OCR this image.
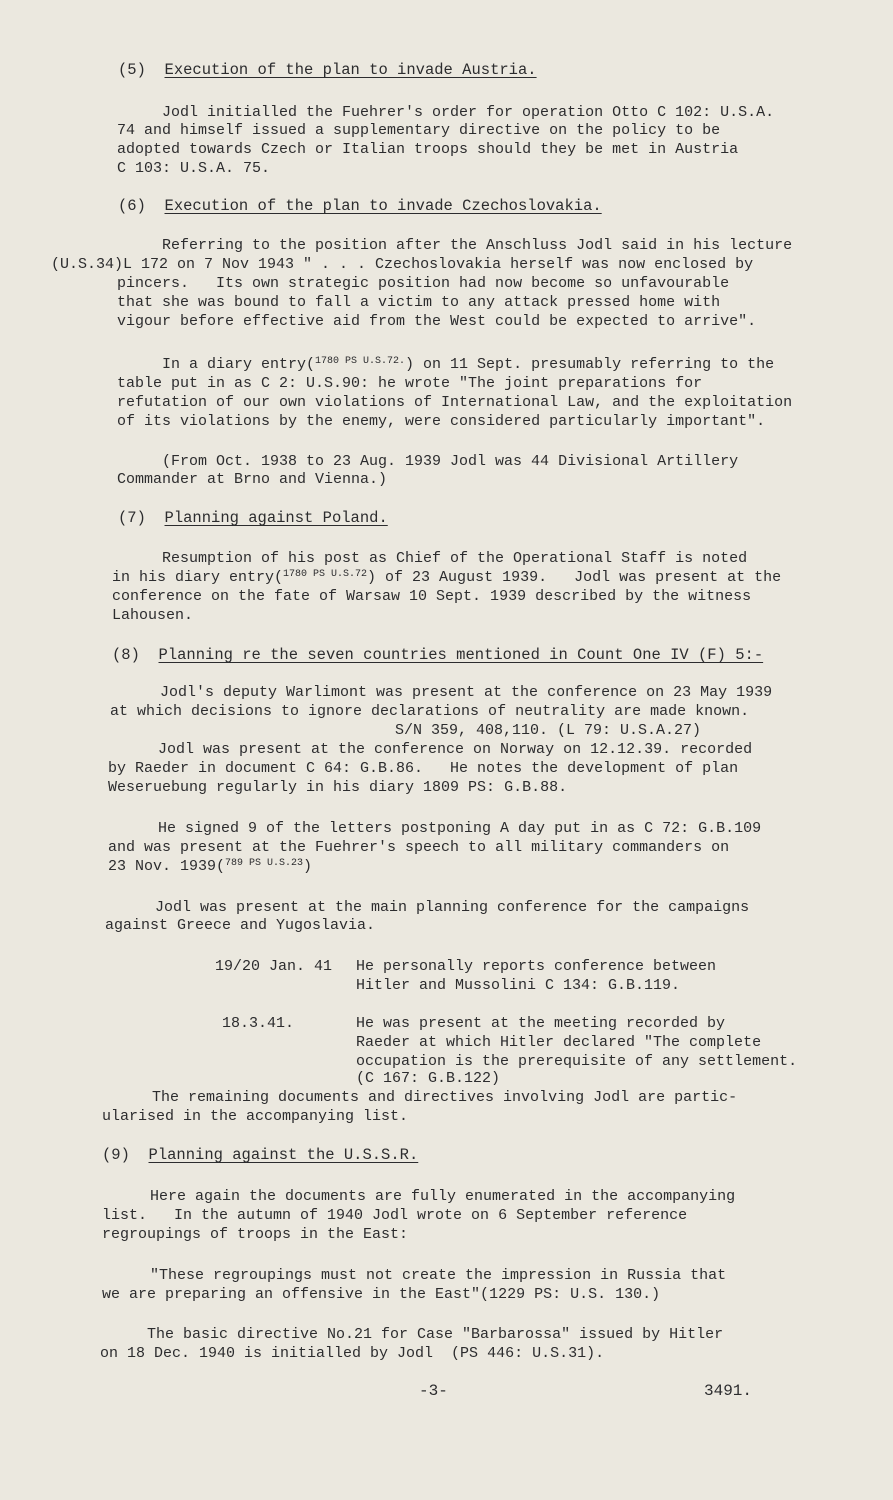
(5) Execution of the plan to invade Austria.
Jodl initialled the Fuehrer's order for operation Otto C 102: U.S.A.
74 and himself issued a supplementary directive on the policy to be
adopted towards Czech or Italian troops should they be met in Austria
C 103: U.S.A. 75.
(6) Execution of the plan to invade Czechoslovakia.
Referring to the position after the Anschluss Jodl said in his lecture
(U.S.34)L 172 on 7 Nov 1943 " . . . Czechoslovakia herself was now enclosed by
pincers.   Its own strategic position had now become so unfavourable
that she was bound to fall a victim to any attack pressed home with
vigour before effective aid from the West could be expected to arrive".
In a diary entry($^{1780 PS U.S.72.}$) on 11 Sept. presumably referring to the
table put in as C 2: U.S.90: he wrote "The joint preparations for
refutation of our own violations of International Law, and the exploitation
of its violations by the enemy, were considered particularly important".
(From Oct. 1938 to 23 Aug. 1939 Jodl was 44 Divisional Artillery
Commander at Brno and Vienna.)
(7) Planning against Poland.
Resumption of his post as Chief of the Operational Staff is noted
in his diary entry($^{1780 PS U.S.72}$) of 23 August 1939.   Jodl was present at the
conference on the fate of Warsaw 10 Sept. 1939 described by the witness
Lahousen.
(8) Planning re the seven countries mentioned in Count One IV (F) 5:-
Jodl's deputy Warlimont was present at the conference on 23 May 1939
at which decisions to ignore declarations of neutrality are made known.
S/N 359, 408,110. (L 79: U.S.A.27)
Jodl was present at the conference on Norway on 12.12.39. recorded
by Raeder in document C 64: G.B.86.   He notes the development of plan
Weseruebung regularly in his diary 1809 PS: G.B.88.
He signed 9 of the letters postponing A day put in as C 72: G.B.109
and was present at the Fuehrer's speech to all military commanders on
23 Nov. 1939($^{789 PS U.S.23}$)
Jodl was present at the main planning conference for the campaigns
against Greece and Yugoslavia.
19/20 Jan. 41 He personally reports conference between
Hitler and Mussolini C 134: G.B.119.
18.3.41.	He was present at the meeting recorded by
Raeder at which Hitler declared "The complete
occupation is the prerequisite of any settlement.
(C 167: G.B.122)
The remaining documents and directives involving Jodl are partic-
ularised in the accompanying list.
(9) Planning against the U.S.S.R.
Here again the documents are fully enumerated in the accompanying
list.   In the autumn of 1940 Jodl wrote on 6 September reference
regroupings of troops in the East:
"These regroupings must not create the impression in Russia that
we are preparing an offensive in the East"(1229 PS: U.S. 130.)
The basic directive No.21 for Case "Barbarossa" issued by Hitler
on 18 Dec. 1940 is initialled by Jodl  (PS 446: U.S.31).
-3-	3491.
